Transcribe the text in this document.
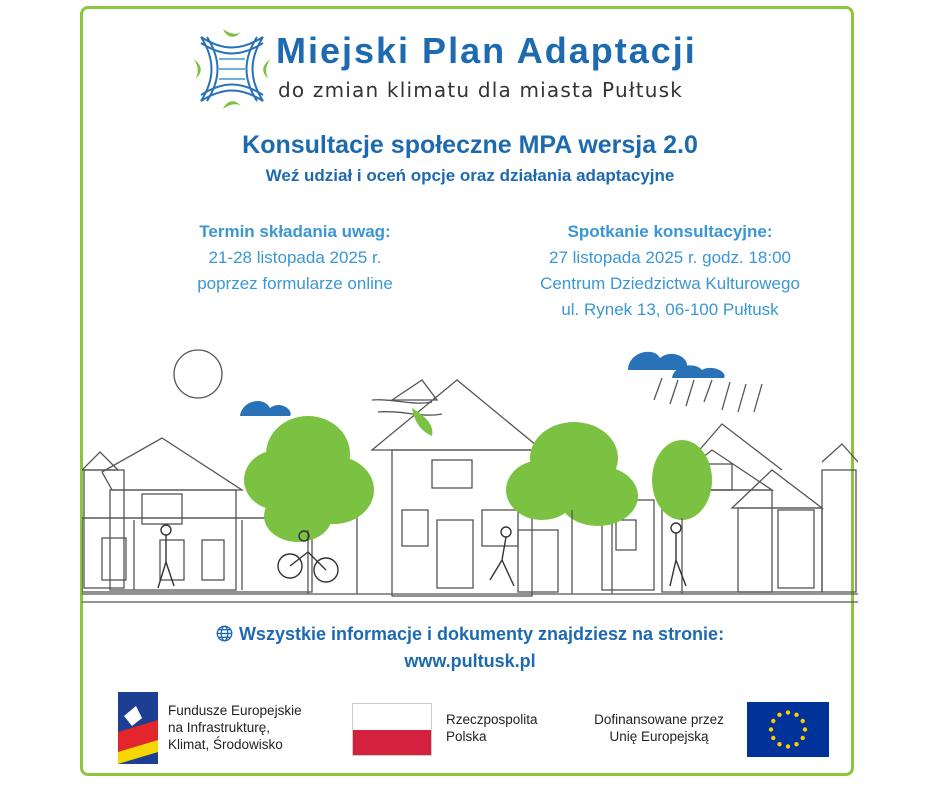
Miejski Plan Adaptacji
do zmian klimatu dla miasta Pułtusk
Konsultacje społeczne MPA wersja 2.0
Weź udział i oceń opcje oraz działania adaptacyjne
Termin składania uwag:
21-28 listopada 2025 r.
poprzez formularze online
Spotkanie konsultacyjne:
27 listopada 2025 r. godz. 18:00
Centrum Dziedzictwa Kulturowego
ul. Rynek 13, 06-100 Pułtusk
Wszystkie informacje i dokumenty znajdziesz na stronie:
www.pultusk.pl
Fundusze Europejskie
na Infrastrukturę,
Klimat, Środowisko
Rzeczpospolita
Polska
Dofinansowane przez
Unię Europejską
